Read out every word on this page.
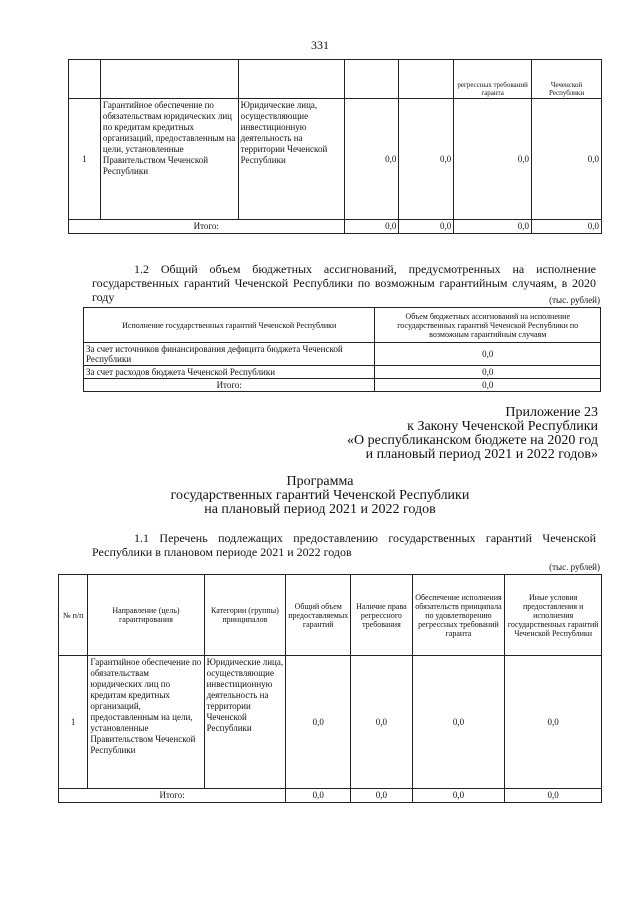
331
					регрессных требований гаранта	Чеченской Республики
1	Гарантийное обеспечение по обязательствам юридических лиц по кредитам кредитных организаций, предоставленным на цели, установленные Правительством Чеченской Республики	Юридические лица, осуществляющие инвестиционную деятельность на территории Чеченской Республики	0,0	0,0	0,0	0,0
Итого:			0,0	0,0	0,0	0,0
1.2 Общий объем бюджетных ассигнований, предусмотренных на исполнение государственных гарантий Чеченской Республики по возможным гарантийным случаям, в 2020 году	(тыс. рублей)
Исполнение государственных гарантий Чеченской Республики	Объем бюджетных ассигнований на исполнение государственных гарантий Чеченской Республики по возможным гарантийным случаям
За счет источников финансирования дефицита бюджета Чеченской Республики	0,0
За счет расходов бюджета Чеченской Республики	0,0
Итого:	0,0
Приложение 23
к Закону Чеченской Республики
«О республиканском бюджете на 2020 год
и плановый период 2021 и 2022 годов»
Программа
государственных гарантий Чеченской Республики
на плановый период 2021 и 2022 годов
1.1 Перечень подлежащих предоставлению государственных гарантий Чеченской Республики в плановом периоде 2021 и 2022 годов
(тыс. рублей)
№ п/п	Направление (цель) гарантирования	Категории (группы) принципалов	Общий объем предоставляемых гарантий	Наличие права регрессного требования	Обеспечение исполнения обязательств принципала по удовлетворению регрессных требований гаранта	Иные условия предоставления и исполнения государственных гарантий Чеченской Республики
1	Гарантийное обеспечение по обязательствам юридических лиц по кредитам кредитных организаций, предоставленным на цели, установленные Правительством Чеченской Республики	Юридические лица, осуществляющие инвестиционную деятельность на территории Чеченской Республики	0,0	0,0	0,0	0,0
Итого:			0,0	0,0	0,0	0,0
